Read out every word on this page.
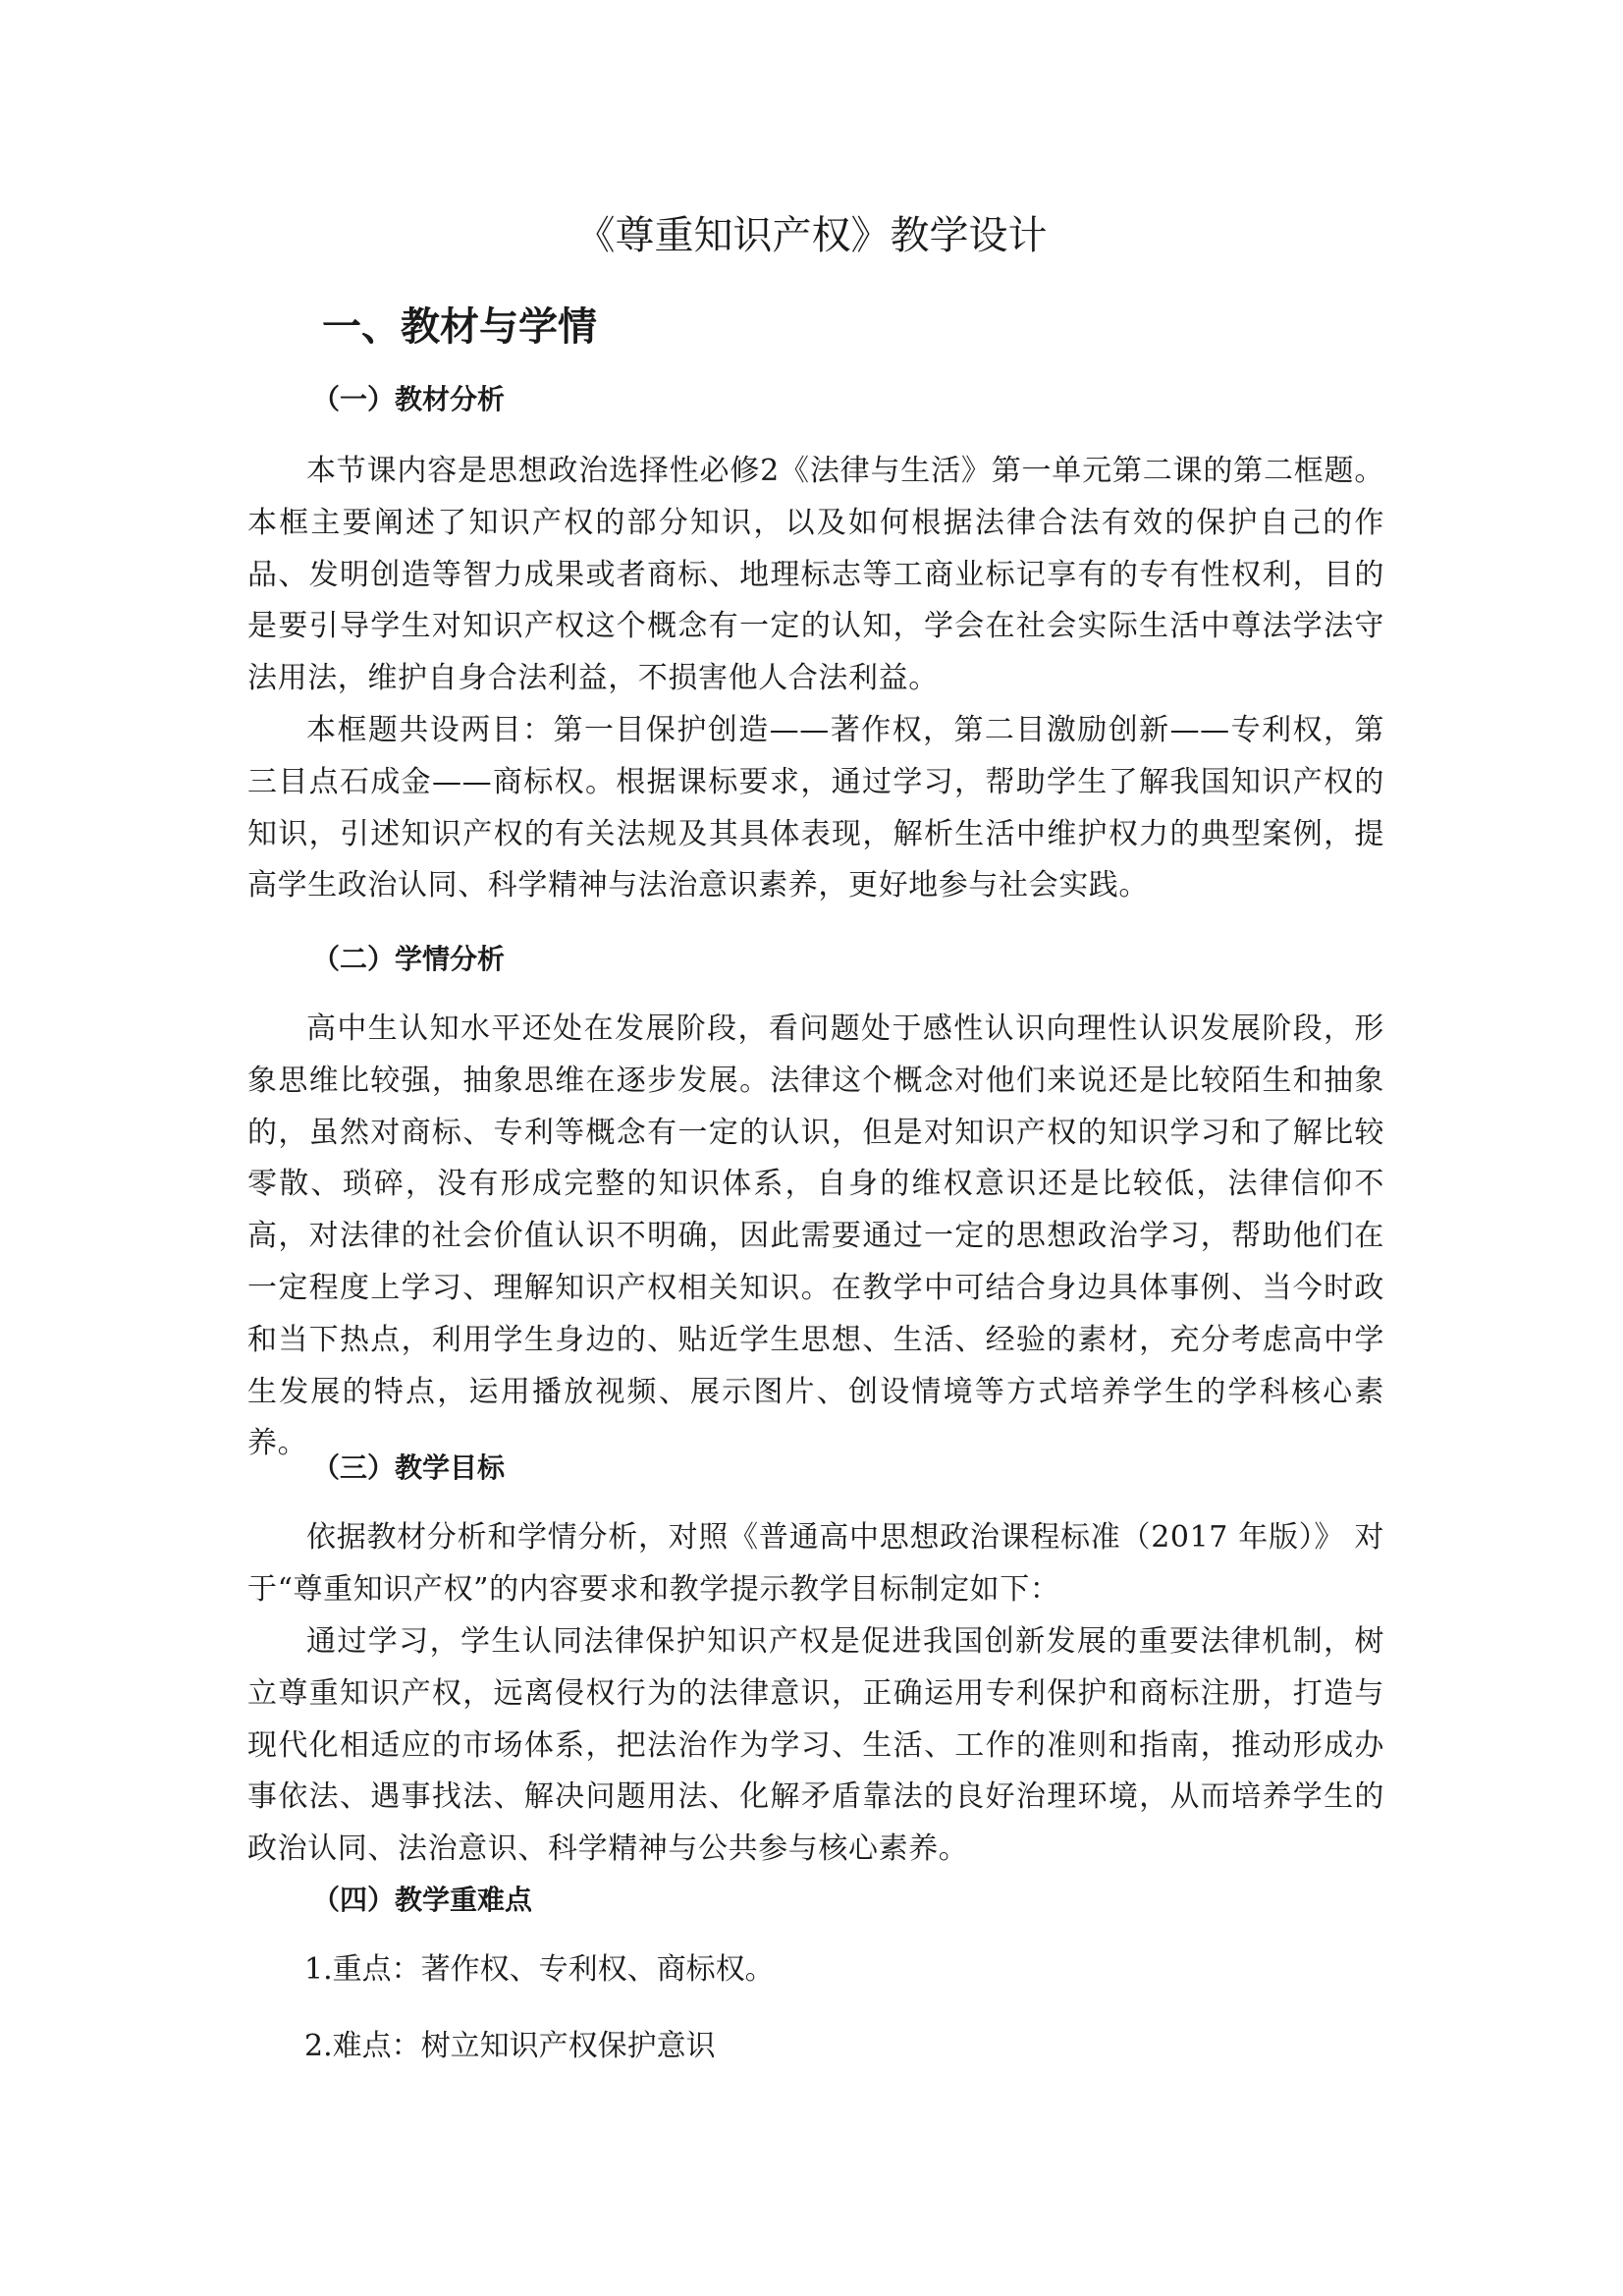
《尊重知识产权》教学设计
一、教材与学情
（一）教材分析

本节课内容是思想政治选择性必修2《法律与生活》第一单元第二课的第二框题。本框主要阐述了知识产权的部分知识，以及如何根据法律合法有效的保护自己的作品、发明创造等智力成果或者商标、地理标志等工商业标记享有的专有性权利，目的是要引导学生对知识产权这个概念有一定的认知，学会在社会实际生活中尊法学法守法用法，维护自身合法利益，不损害他人合法利益。

本框题共设两目：第一目保护创造——著作权，第二目激励创新——专利权，第三目点石成金——商标权。根据课标要求，通过学习，帮助学生了解我国知识产权的知识，引述知识产权的有关法规及其具体表现，解析生活中维护权力的典型案例，提高学生政治认同、科学精神与法治意识素养，更好地参与社会实践。

（二）学情分析

高中生认知水平还处在发展阶段，看问题处于感性认识向理性认识发展阶段，形象思维比较强，抽象思维在逐步发展。法律这个概念对他们来说还是比较陌生和抽象的，虽然对商标、专利等概念有一定的认识，但是对知识产权的知识学习和了解比较零散、琐碎，没有形成完整的知识体系，自身的维权意识还是比较低，法律信仰不高，对法律的社会价值认识不明确，因此需要通过一定的思想政治学习，帮助他们在一定程度上学习、理解知识产权相关知识。在教学中可结合身边具体事例、当今时政和当下热点，利用学生身边的、贴近学生思想、生活、经验的素材，充分考虑高中学生发展的特点，运用播放视频、展示图片、创设情境等方式培养学生的学科核心素养。

（三）教学目标

依据教材分析和学情分析，对照《普通高中思想政治课程标准（2017 年版）》 对于“尊重知识产权”的内容要求和教学提示教学目标制定如下：

通过学习，学生认同法律保护知识产权是促进我国创新发展的重要法律机制，树立尊重知识产权，远离侵权行为的法律意识，正确运用专利保护和商标注册，打造与现代化相适应的市场体系，把法治作为学习、生活、工作的准则和指南，推动形成办事依法、遇事找法、解决问题用法、化解矛盾靠法的良好治理环境，从而培养学生的政治认同、法治意识、科学精神与公共参与核心素养。

（四）教学重难点

1.重点：著作权、专利权、商标权。

2.难点：树立知识产权保护意识
